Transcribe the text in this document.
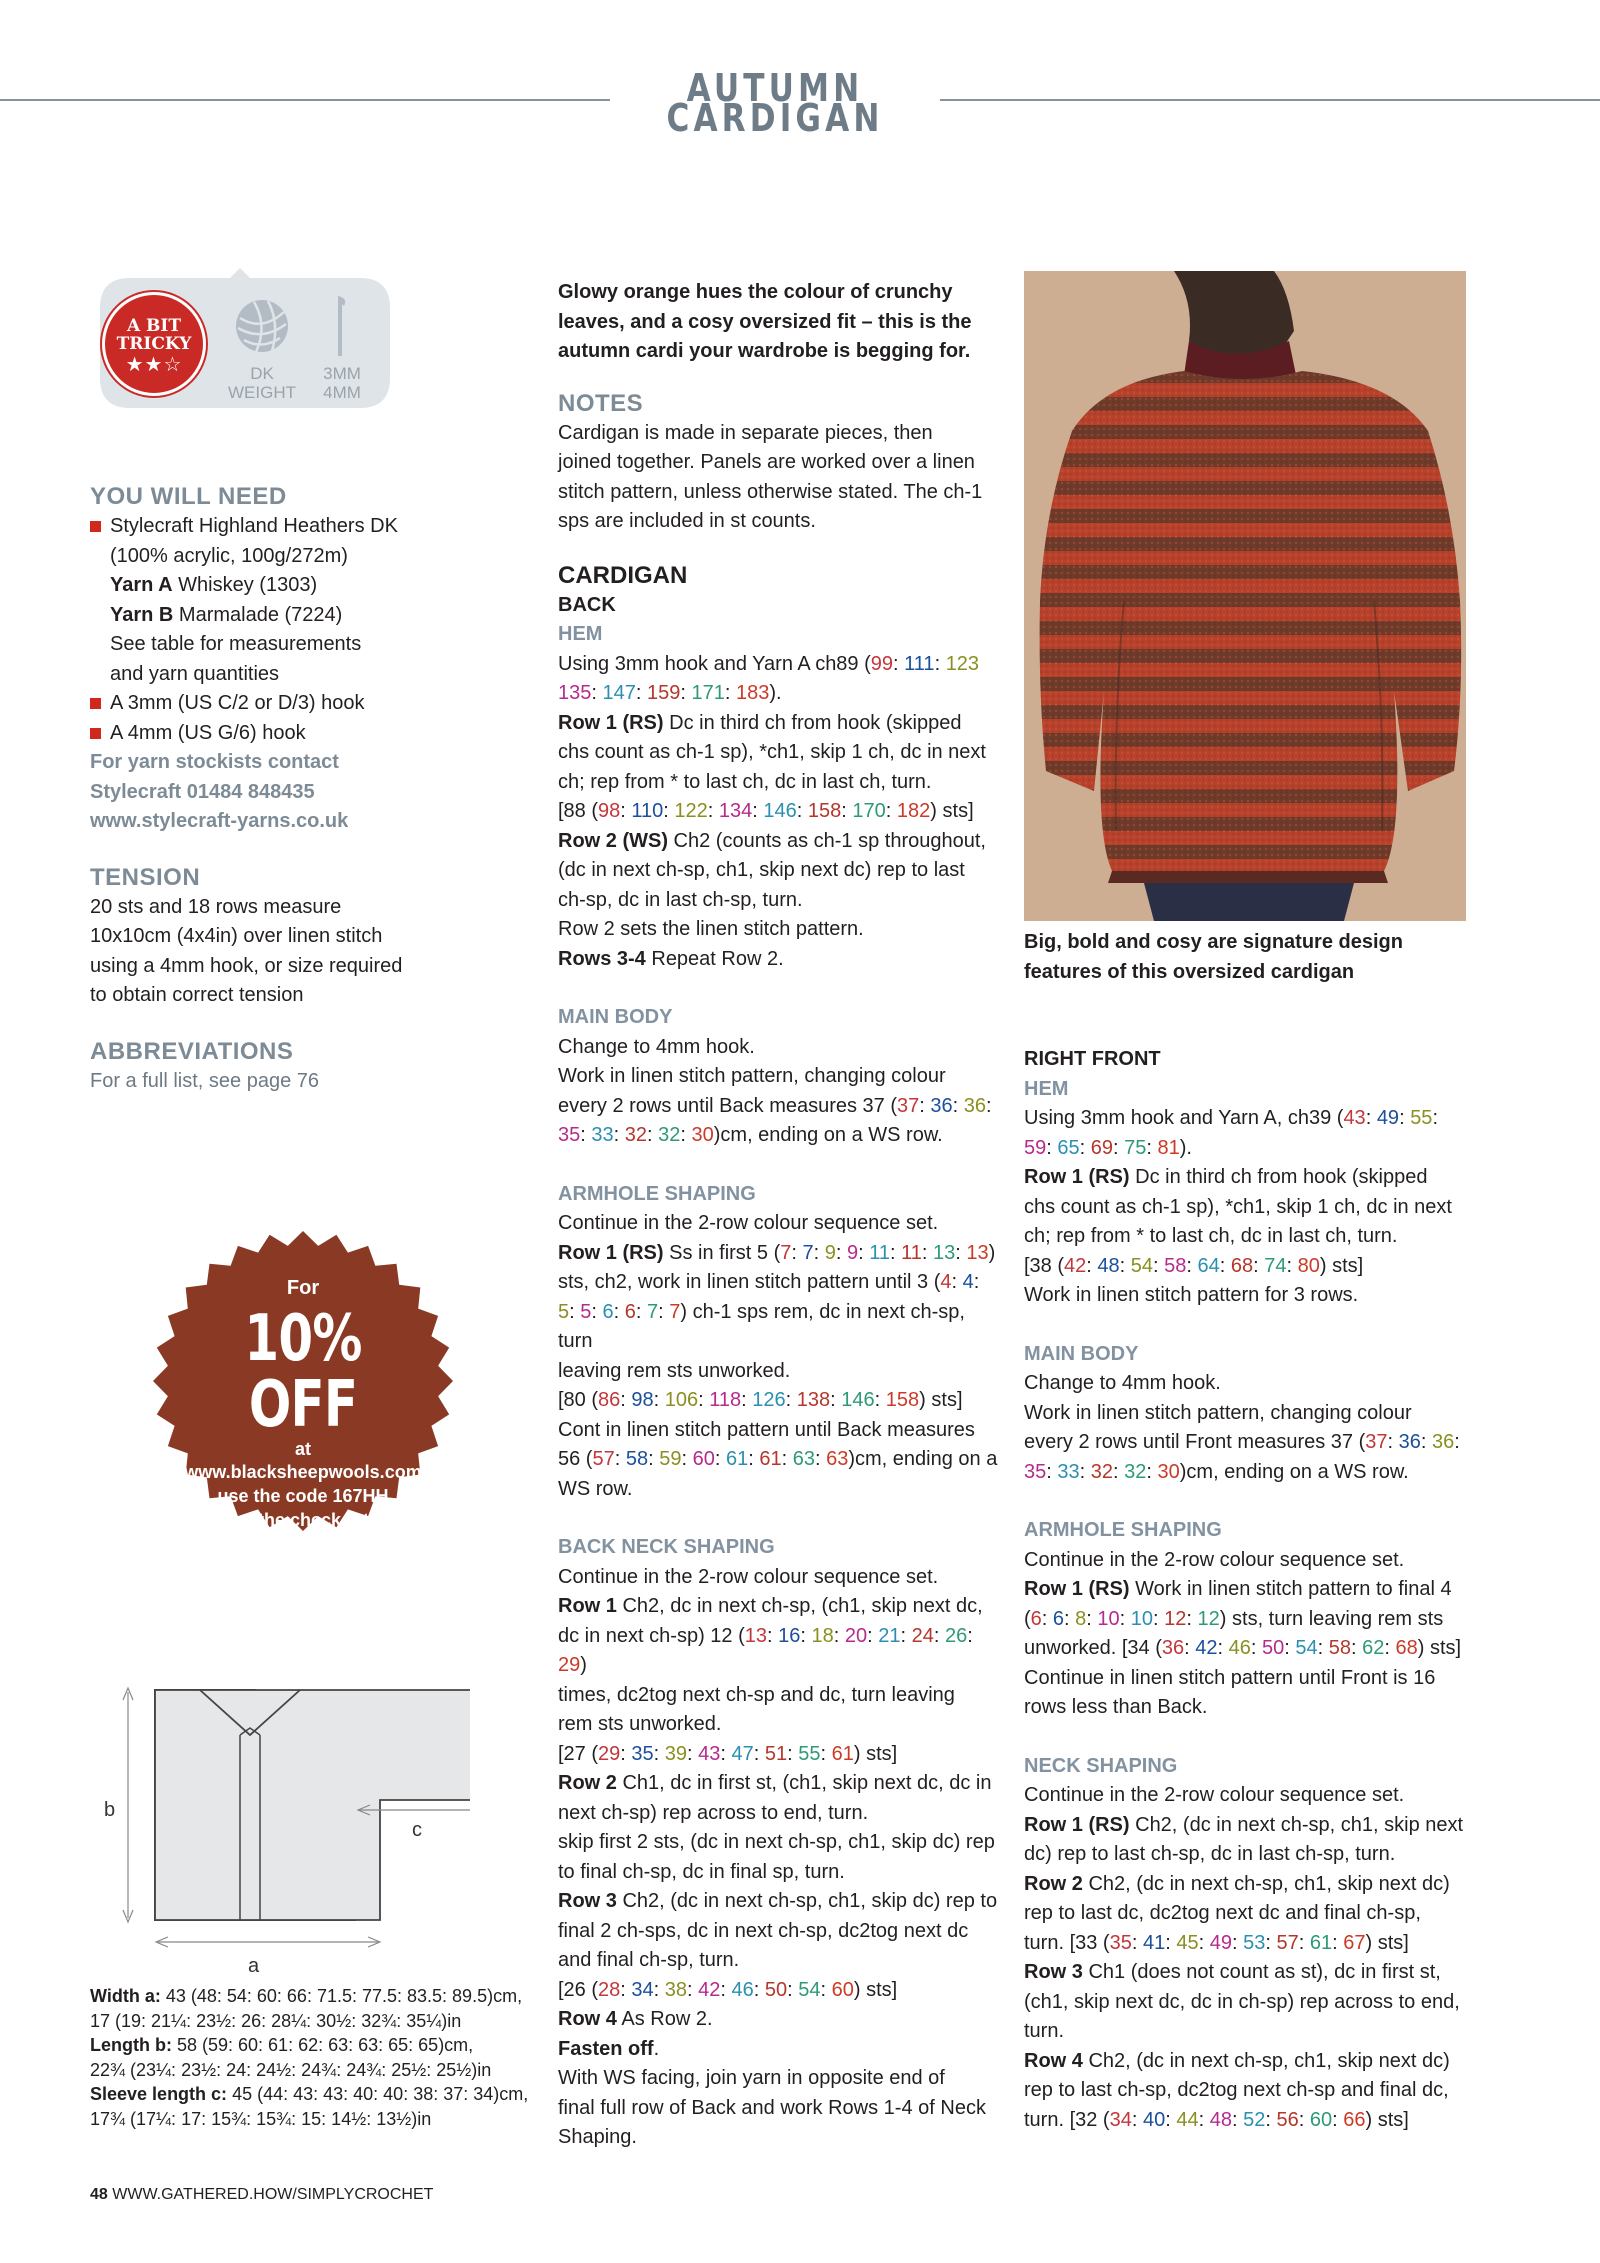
AUTUMN CARDIGAN
A BIT
TRICKY
★★☆	DK
WEIGHT
3MM
4MM
YOU WILL NEED
Stylecraft Highland Heathers DK
(100% acrylic, 100g/272m)
Yarn A Whiskey (1303)
Yarn B Marmalade (7224)
See table for measurements
and yarn quantities
A 3mm (US C/2 or D/3) hook
A 4mm (US G/6) hook
For yarn stockists contact
Stylecraft 01484 848435
www.stylecraft-yarns.co.uk
TENSION
20 sts and 18 rows measure
10x10cm (4x4in) over linen stitch
using a 4mm hook, or size required
to obtain correct tension
ABBREVIATIONS
For a full list, see page 76
For
10% OFF
at
www.blacksheepwools.com
use the code 167HH
at the checkout
Offer ends 17 November 2025
b
c
a
Width a: 43 (48: 54: 60: 66: 71.5: 77.5: 83.5: 89.5)cm,
17 (19: 21¼: 23½: 26: 28¼: 30½: 32¾: 35¼)in
Length b: 58 (59: 60: 61: 62: 63: 63: 65: 65)cm,
22¾ (23¼: 23½: 24: 24½: 24¾: 24¾: 25½: 25½)in
Sleeve length c: 45 (44: 43: 43: 40: 40: 38: 37: 34)cm,
17¾ (17¼: 17: 15¾: 15¾: 15: 14½: 13½)in
48 WWW.GATHERED.HOW/SIMPLYCROCHET
Glowy orange hues the colour of crunchy
leaves, and a cosy oversized fit – this is the
autumn cardi your wardrobe is begging for.
NOTES
Cardigan is made in separate pieces, then
joined together. Panels are worked over a linen
stitch pattern, unless otherwise stated. The ch-1
sps are included in st counts.
CARDIGAN
BACK
HEM
Using 3mm hook and Yarn A ch89 (99: 111: 123
135: 147: 159: 171: 183).
Row 1 (RS) Dc in third ch from hook (skipped
chs count as ch-1 sp), *ch1, skip 1 ch, dc in next
ch; rep from * to last ch, dc in last ch, turn.
[88 (98: 110: 122: 134: 146: 158: 170: 182) sts]
Row 2 (WS) Ch2 (counts as ch-1 sp throughout,
(dc in next ch-sp, ch1, skip next dc) rep to last
ch-sp, dc in last ch-sp, turn.
Row 2 sets the linen stitch pattern.
Rows 3-4 Repeat Row 2.
MAIN BODY
Change to 4mm hook.
Work in linen stitch pattern, changing colour
every 2 rows until Back measures 37 (37: 36: 36:
35: 33: 32: 32: 30)cm, ending on a WS row.
ARMHOLE SHAPING
Continue in the 2-row colour sequence set.
Row 1 (RS) Ss in first 5 (7: 7: 9: 9: 11: 11: 13: 13)
sts, ch2, work in linen stitch pattern until 3 (4: 4:
5: 5: 6: 6: 7: 7) ch-1 sps rem, dc in next ch-sp, turn
leaving rem sts unworked.
[80 (86: 98: 106: 118: 126: 138: 146: 158) sts]
Cont in linen stitch pattern until Back measures
56 (57: 58: 59: 60: 61: 61: 63: 63)cm, ending on a
WS row.
BACK NECK SHAPING
Continue in the 2-row colour sequence set.
Row 1 Ch2, dc in next ch-sp, (ch1, skip next dc,
dc in next ch-sp) 12 (13: 16: 18: 20: 21: 24: 26: 29)
times, dc2tog next ch-sp and dc, turn leaving
rem sts unworked.
[27 (29: 35: 39: 43: 47: 51: 55: 61) sts]
Row 2 Ch1, dc in first st, (ch1, skip next dc, dc in
next ch-sp) rep across to end, turn.
skip first 2 sts, (dc in next ch-sp, ch1, skip dc) rep
to final ch-sp, dc in final sp, turn.
Row 3 Ch2, (dc in next ch-sp, ch1, skip dc) rep to
final 2 ch-sps, dc in next ch-sp, dc2tog next dc
and final ch-sp, turn.
[26 (28: 34: 38: 42: 46: 50: 54: 60) sts]
Row 4 As Row 2.
Fasten off.
With WS facing, join yarn in opposite end of
final full row of Back and work Rows 1-4 of Neck
Shaping.
Big, bold and cosy are signature design
features of this oversized cardigan
RIGHT FRONT
HEM
Using 3mm hook and Yarn A, ch39 (43: 49: 55:
59: 65: 69: 75: 81).
Row 1 (RS) Dc in third ch from hook (skipped
chs count as ch-1 sp), *ch1, skip 1 ch, dc in next
ch; rep from * to last ch, dc in last ch, turn.
[38 (42: 48: 54: 58: 64: 68: 74: 80) sts]
Work in linen stitch pattern for 3 rows.
MAIN BODY
Change to 4mm hook.
Work in linen stitch pattern, changing colour
every 2 rows until Front measures 37 (37: 36: 36:
35: 33: 32: 32: 30)cm, ending on a WS row.
ARMHOLE SHAPING
Continue in the 2-row colour sequence set.
Row 1 (RS) Work in linen stitch pattern to final 4
(6: 6: 8: 10: 10: 12: 12) sts, turn leaving rem sts
unworked. [34 (36: 42: 46: 50: 54: 58: 62: 68) sts]
Continue in linen stitch pattern until Front is 16
rows less than Back.
NECK SHAPING
Continue in the 2-row colour sequence set.
Row 1 (RS) Ch2, (dc in next ch-sp, ch1, skip next
dc) rep to last ch-sp, dc in last ch-sp, turn.
Row 2 Ch2, (dc in next ch-sp, ch1, skip next dc)
rep to last dc, dc2tog next dc and final ch-sp,
turn. [33 (35: 41: 45: 49: 53: 57: 61: 67) sts]
Row 3 Ch1 (does not count as st), dc in first st,
(ch1, skip next dc, dc in ch-sp) rep across to end,
turn.
Row 4 Ch2, (dc in next ch-sp, ch1, skip next dc)
rep to last ch-sp, dc2tog next ch-sp and final dc,
turn. [32 (34: 40: 44: 48: 52: 56: 60: 66) sts]
